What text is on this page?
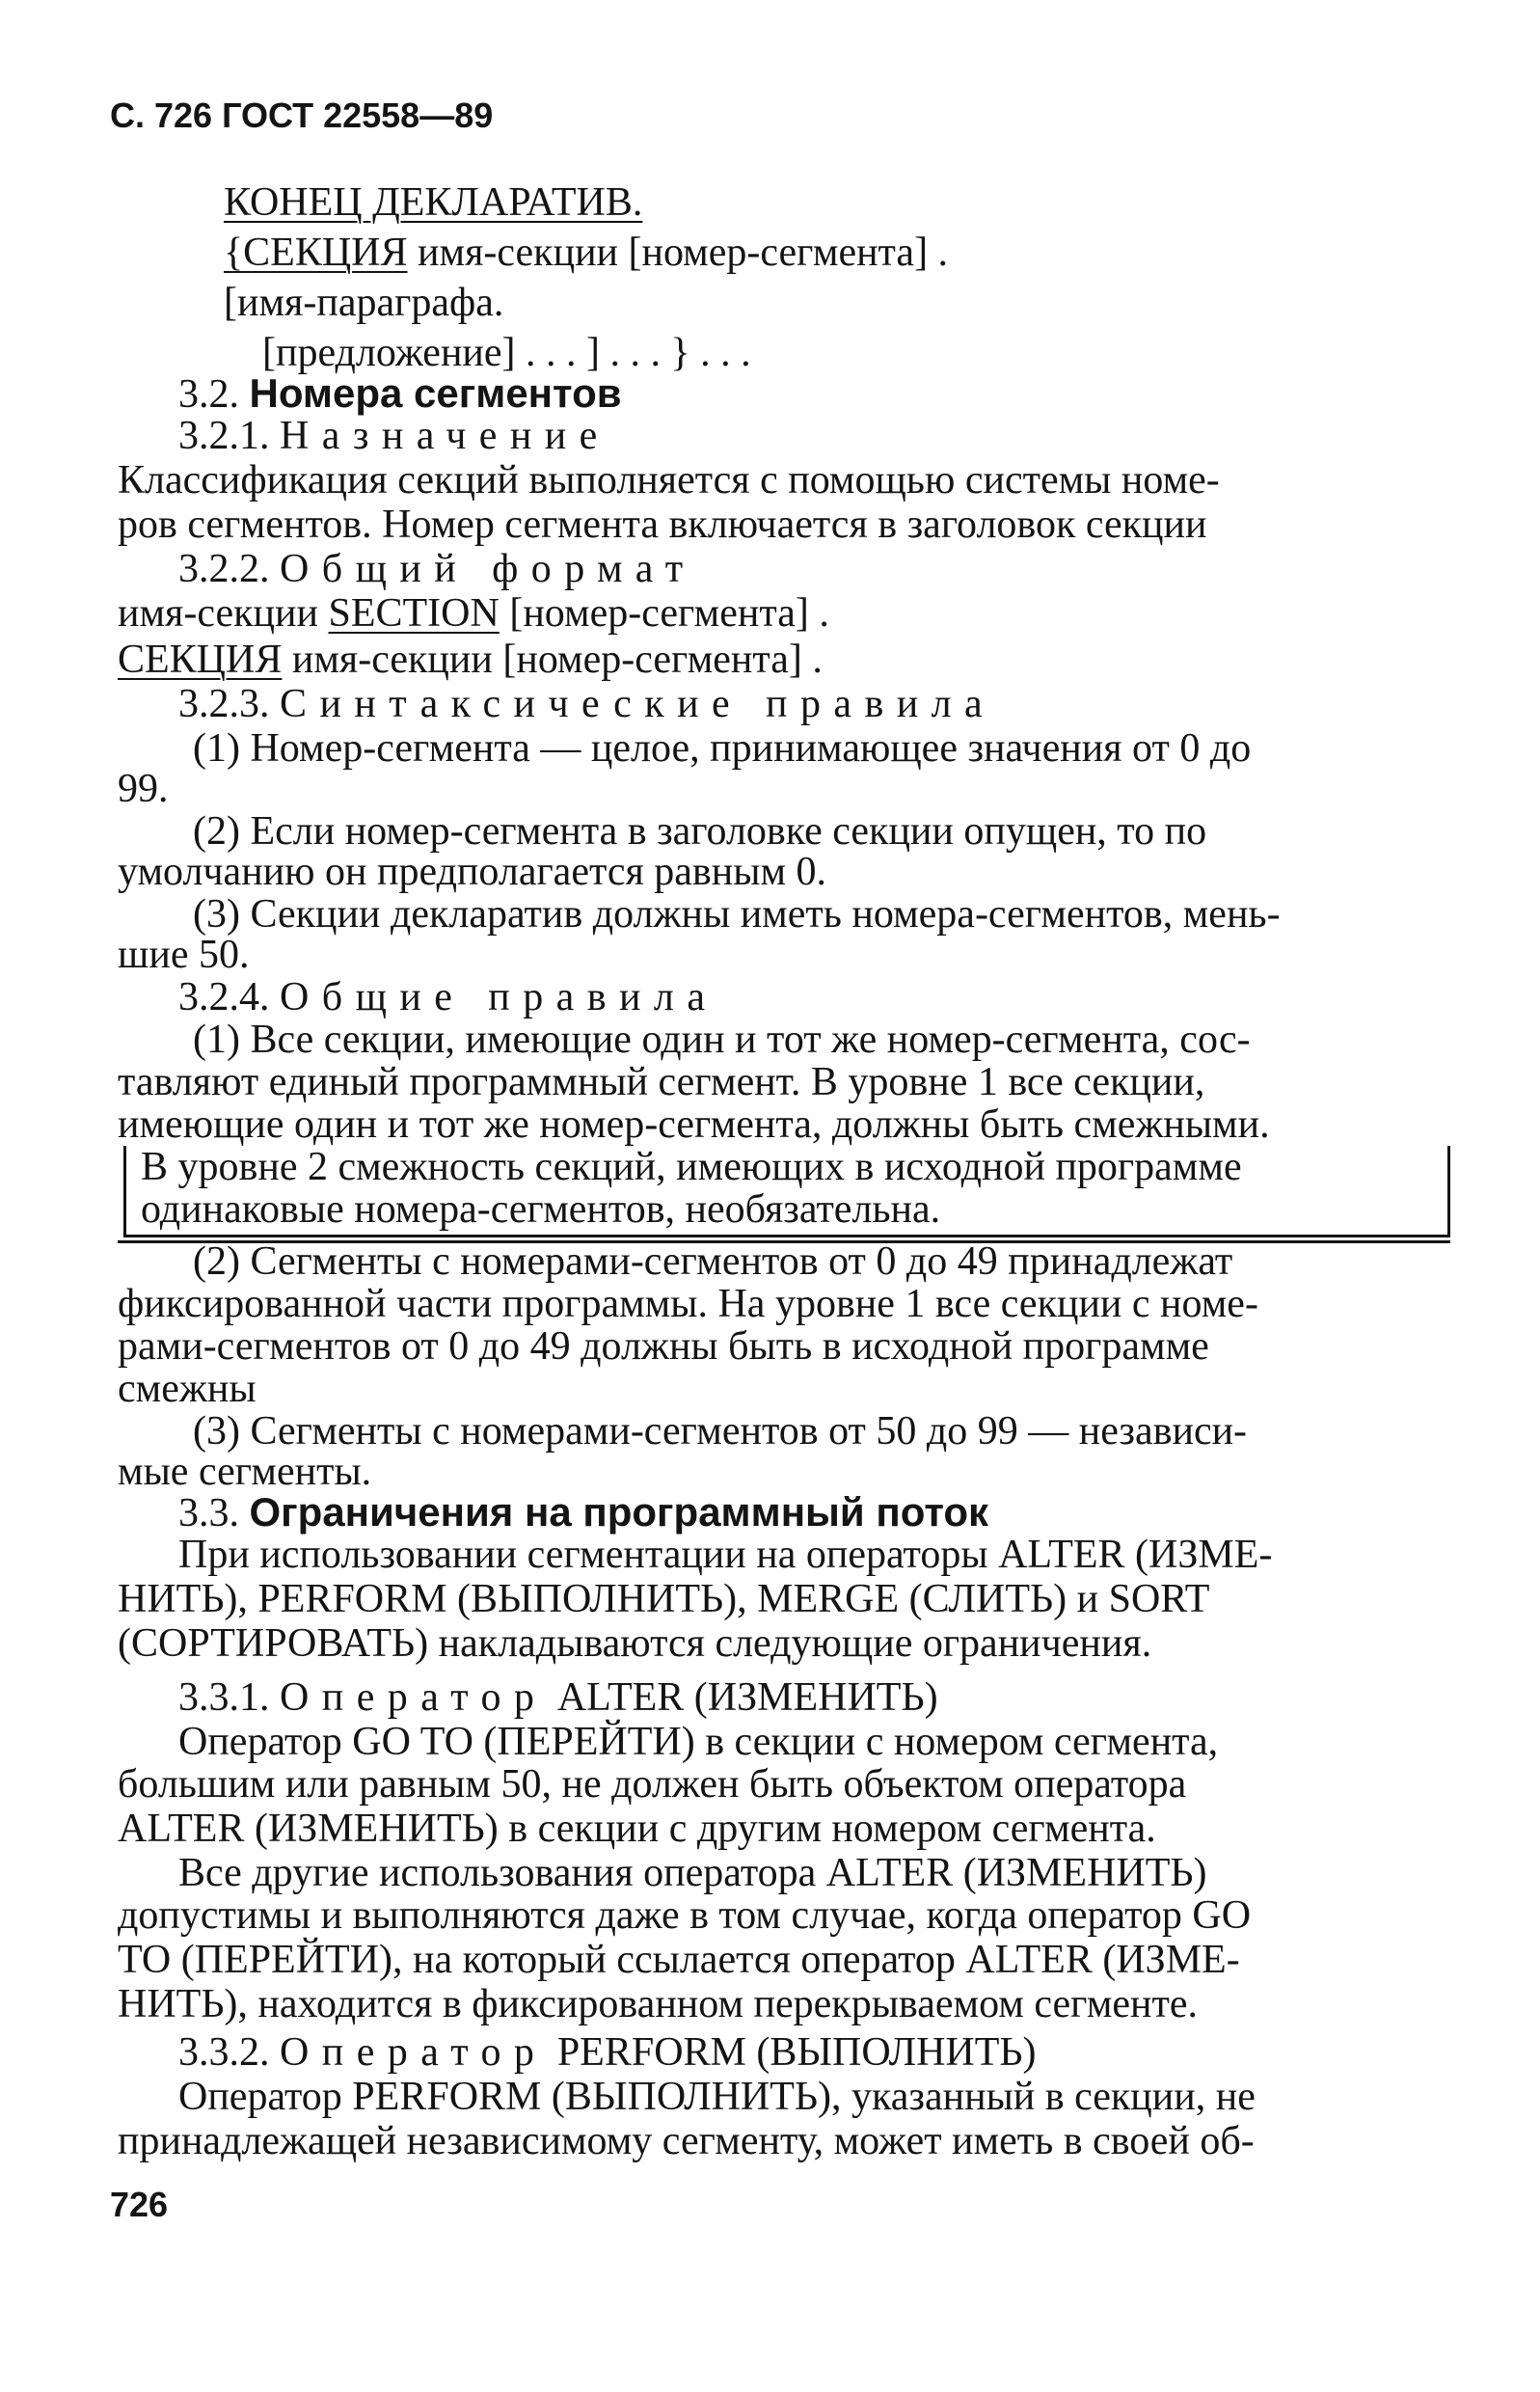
С. 726 ГОСТ 22558—89
КОНЕЦ ДЕКЛАРАТИВ.
{СЕКЦИЯ имя-секции [номер-сегмента] .
[имя-параграфа.
[предложение] . . . ] . . . } . . .
3.2. Номера сегментов
3.2.1. Назначение
Классификация секций выполняется с помощью системы номе-
ров сегментов. Номер сегмента включается в заголовок секции
3.2.2. Общий формат
имя-секции SECTION [номер-сегмента] .
СЕКЦИЯ имя-секции [номер-сегмента] .
3.2.3. Синтаксические правила
(1) Номер-сегмента — целое, принимающее значения от 0 до
99.
(2) Если номер-сегмента в заголовке секции опущен, то по
умолчанию он предполагается равным 0.
(3) Секции декларатив должны иметь номера-сегментов, мень-
шие 50.
3.2.4. Общие правила
(1) Все секции, имеющие один и тот же номер-сегмента, сос-
тавляют единый программный сегмент. В уровне 1 все секции,
имеющие один и тот же номер-сегмента, должны быть смежными.
В уровне 2 смежность секций, имеющих в исходной программе
одинаковые номера-сегментов, необязательна.
(2) Сегменты с номерами-сегментов от 0 до 49 принадлежат
фиксированной части программы. На уровне 1 все секции с номе-
рами-сегментов от 0 до 49 должны быть в исходной программе
смежны
(3) Сегменты с номерами-сегментов от 50 до 99 — независи-
мые сегменты.
3.3. Ограничения на программный поток
При использовании сегментации на операторы ALTER (ИЗМЕ-
НИТЬ), PERFORM (ВЫПОЛНИТЬ), MERGE (СЛИТЬ) и SORT
(СОРТИРОВАТЬ) накладываются следующие ограничения.
3.3.1. Оператор ALTER (ИЗМЕНИТЬ)
Оператор GO TO (ПЕРЕЙТИ) в секции с номером сегмента,
большим или равным 50, не должен быть объектом оператора
ALTER (ИЗМЕНИТЬ) в секции с другим номером сегмента.
Все другие использования оператора ALTER (ИЗМЕНИТЬ)
допустимы и выполняются даже в том случае, когда оператор GO
TO (ПЕРЕЙТИ), на который ссылается оператор ALTER (ИЗМЕ-
НИТЬ), находится в фиксированном перекрываемом сегменте.
3.3.2. Оператор PERFORM (ВЫПОЛНИТЬ)
Оператор PERFORM (ВЫПОЛНИТЬ), указанный в секции, не
принадлежащей независимому сегменту, может иметь в своей об-
726
